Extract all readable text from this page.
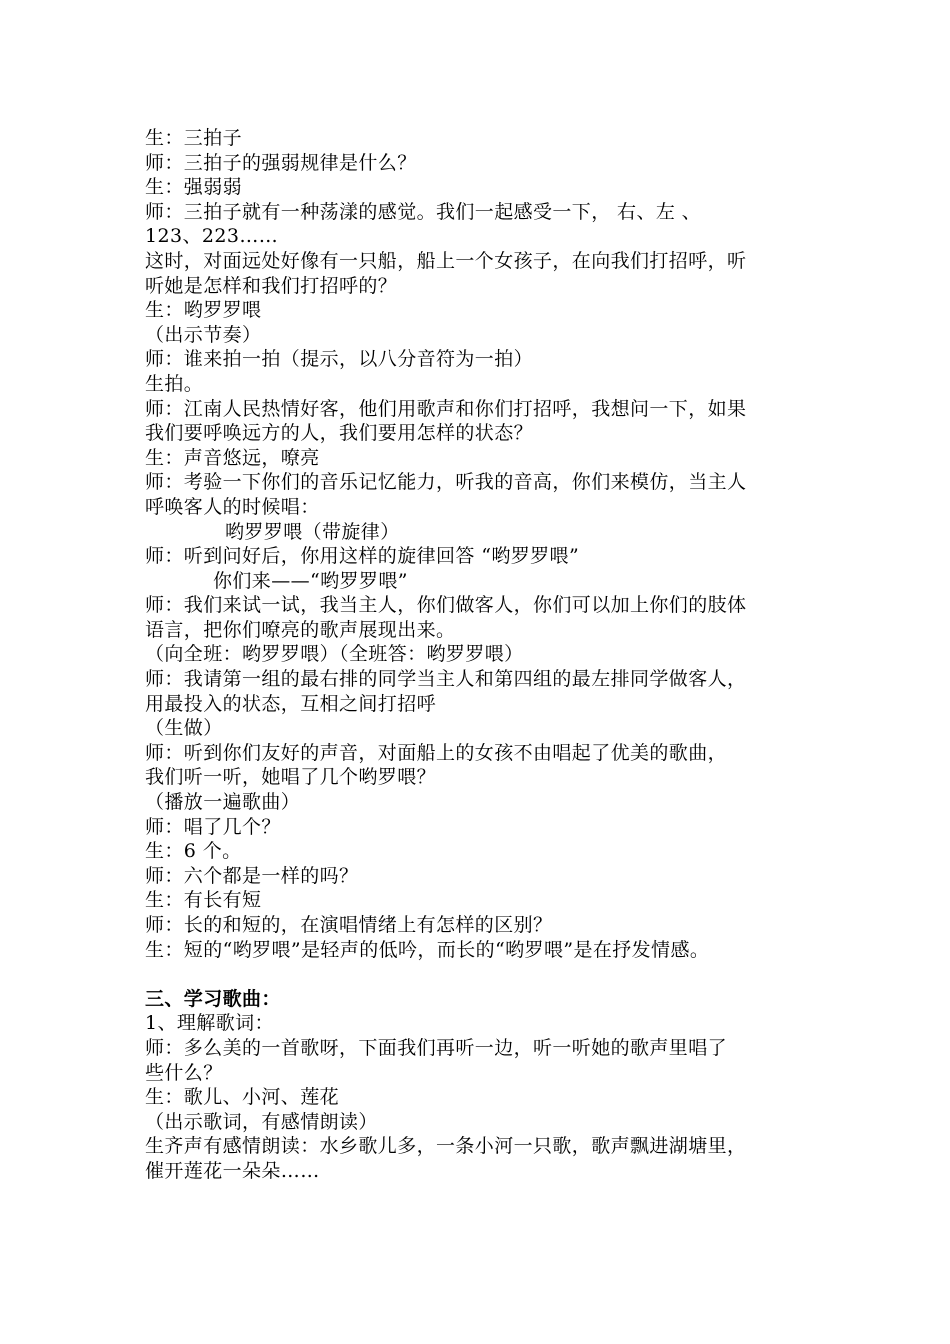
生：三拍子
师：三拍子的强弱规律是什么？
生：强弱弱
师：三拍子就有一种荡漾的感觉。我们一起感受一下， 右、左 、
123、223……
这时，对面远处好像有一只船，船上一个女孩子，在向我们打招呼，听
听她是怎样和我们打招呼的？
生：哟罗罗喂
（出示节奏）
师：谁来拍一拍（提示，以八分音符为一拍）
生拍。
师：江南人民热情好客，他们用歌声和你们打招呼，我想问一下，如果
我们要呼唤远方的人，我们要用怎样的状态？
生：声音悠远，嘹亮
师：考验一下你们的音乐记忆能力，听我的音高，你们来模仿，当主人
呼唤客人的时候唱：
哟罗罗喂（带旋律）
师：听到问好后，你用这样的旋律回答 “哟罗罗喂”
你们来——“哟罗罗喂”
师：我们来试一试，我当主人，你们做客人，你们可以加上你们的肢体
语言，把你们嘹亮的歌声展现出来。
（向全班：哟罗罗喂）（全班答：哟罗罗喂）
师：我请第一组的最右排的同学当主人和第四组的最左排同学做客人，
用最投入的状态，互相之间打招呼
（生做）
师：听到你们友好的声音，对面船上的女孩不由唱起了优美的歌曲，
我们听一听，她唱了几个哟罗喂？
（播放一遍歌曲）
师：唱了几个？
生：6 个。
师：六个都是一样的吗？
生：有长有短
师：长的和短的，在演唱情绪上有怎样的区别？
生：短的“哟罗喂”是轻声的低吟，而长的“哟罗喂”是在抒发情感。
三、学习歌曲：
1、理解歌词：
师：多么美的一首歌呀，下面我们再听一边，听一听她的歌声里唱了
些什么？
生：歌儿、小河、莲花
（出示歌词，有感情朗读）
生齐声有感情朗读：水乡歌儿多，一条小河一只歌，歌声飘进湖塘里，
催开莲花一朵朵……
